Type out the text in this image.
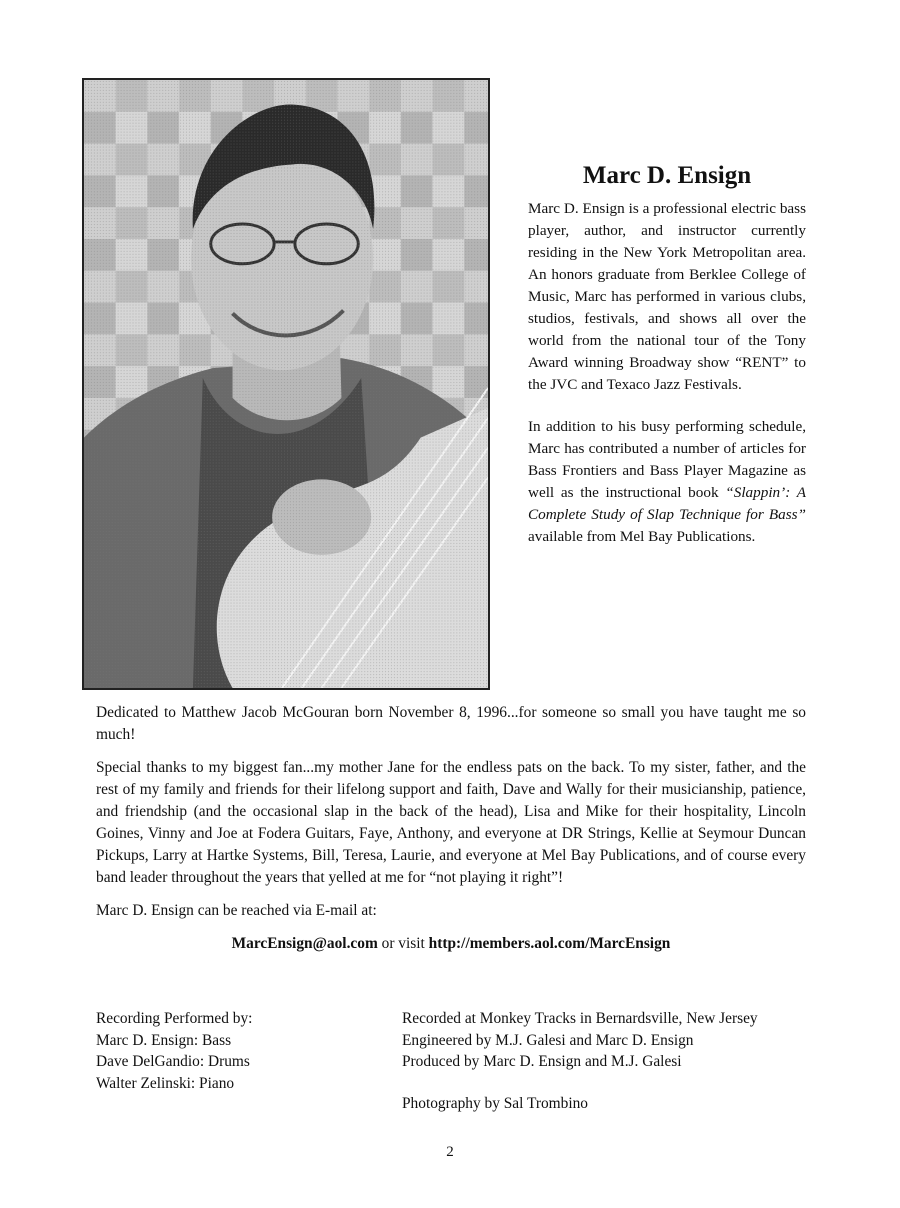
Marc D. Ensign

Marc D. Ensign is a professional electric bass player, author, and instructor currently residing in the New York Metropolitan area. An honors graduate from Berklee College of Music, Marc has performed in various clubs, studios, festivals, and shows all over the world from the national tour of the Tony Award winning Broadway show “RENT” to the JVC and Texaco Jazz Festivals.

In addition to his busy performing schedule, Marc has contributed a number of articles for Bass Frontiers and Bass Player Magazine as well as the instructional book “Slappin’: A Complete Study of Slap Technique for Bass” available from Mel Bay Publications.

Dedicated to Matthew Jacob McGouran born November 8, 1996...for someone so small you have taught me so much!

Special thanks to my biggest fan...my mother Jane for the endless pats on the back. To my sister, father, and the rest of my family and friends for their lifelong support and faith, Dave and Wally for their musicianship, patience, and friendship (and the occasional slap in the back of the head), Lisa and Mike for their hospitality, Lincoln Goines, Vinny and Joe at Fodera Guitars, Faye, Anthony, and everyone at DR Strings, Kellie at Seymour Duncan Pickups, Larry at Hartke Systems, Bill, Teresa, Laurie, and everyone at Mel Bay Publications, and of course every band leader throughout the years that yelled at me for “not playing it right”!

Marc D. Ensign can be reached via E-mail at:

MarcEnsign@aol.com or visit http://members.aol.com/MarcEnsign

Recording Performed by:
Marc D. Ensign: Bass
Dave DelGandio: Drums
Walter Zelinski: Piano
Recorded at Monkey Tracks in Bernardsville, New Jersey
Engineered by M.J. Galesi and Marc D. Ensign
Produced by Marc D. Ensign and M.J. Galesi
Photography by Sal Trombino
2
